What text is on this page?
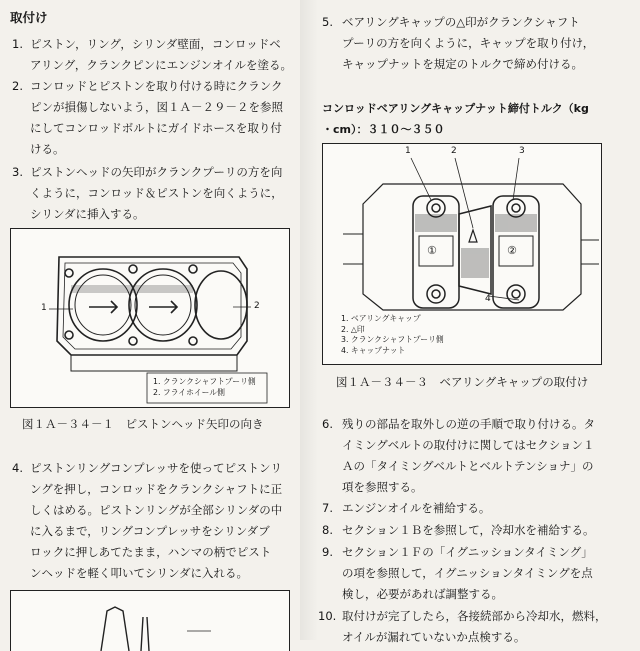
取付け
1. ピストン，リング，シリンダ壁面，コンロッドベ
アリング，クランクピンにエンジンオイルを塗る。
2. コンロッドとピストンを取り付ける時にクランク
ピンが損傷しないよう，図１Ａ－２９－２を参照
にしてコンロッドボルトにガイドホースを取り付
ける。
3. ピストンヘッドの矢印がクランクプーリの方を向
くように，コンロッド＆ピストンを向くように，
シリンダに挿入する。
1	2
1. クランクシャフトプーリ側
2. フライホイール側
図１Ａ－３４－１　ピストンヘッド矢印の向き
4. ピストンリングコンプレッサを使ってピストンリ
ングを押し，コンロッドをクランクシャフトに正
しくはめる。ピストンリングが全部シリンダの中
に入るまで，リングコンプレッサをシリンダブ
ロックに押しあてたまま，ハンマの柄でピスト
ンヘッドを軽く叩いてシリンダに入れる。
5. ベアリングキャップの△印がクランクシャフト
プーリの方を向くように，キャップを取り付け，
キャップナットを規定のトルクで締め付ける。
コンロッドベアリングキャップナット締付トルク（kg
・cm）：３１０～３５０
1	2	3
4
①	②
1. ベアリングキャップ
2. △印
3. クランクシャフトプーリ側
4. キャップナット
図１Ａ－３４－３　ベアリングキャップの取付け
6. 残りの部品を取外しの逆の手順で取り付ける。タ
イミングベルトの取付けに関してはセクション１
Ａの「タイミングベルトとベルトテンショナ」の
項を参照する。
7. エンジンオイルを補給する。
8. セクション１Ｂを参照して，冷却水を補給する。
9. セクション１Ｆの「イグニッションタイミング」
の項を参照して，イグニッションタイミングを点
検し，必要があれば調整する。
10. 取付けが完了したら，各接続部から冷却水，燃料，
オイルが漏れていないか点検する。
